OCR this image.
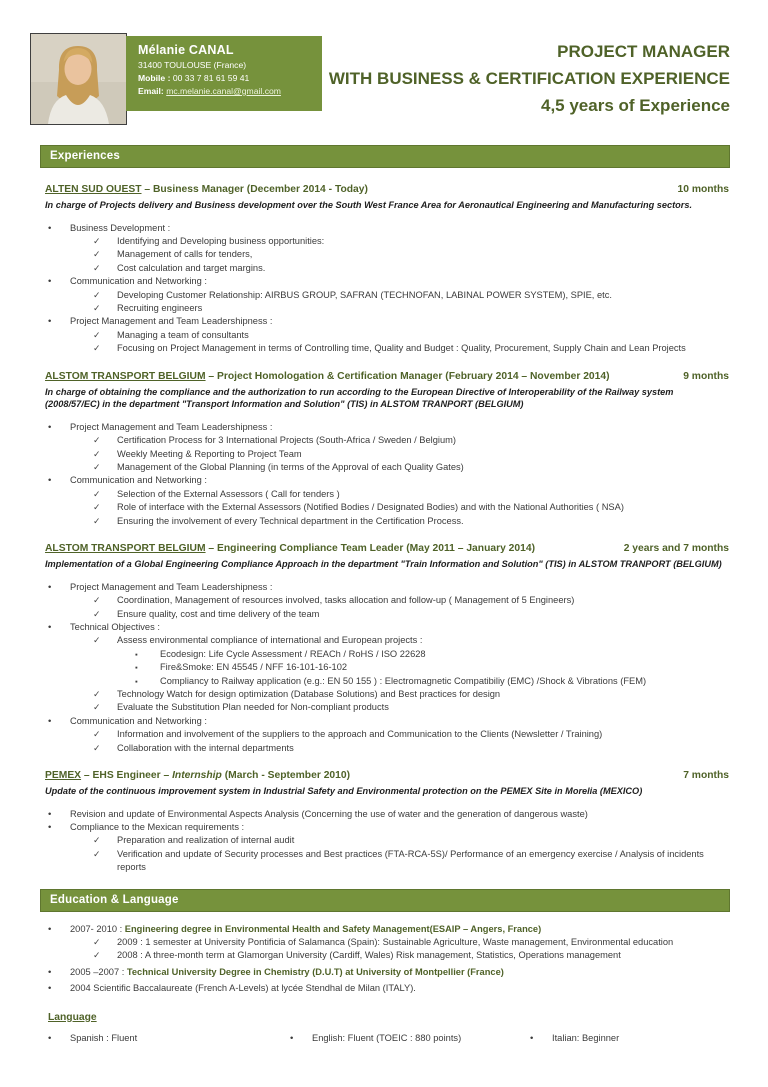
Mélanie CANAL
31400 TOULOUSE (France)
Mobile : 00 33 7 81 61 59 41
Email: mc.melanie.canal@gmail.com
PROJECT MANAGER
WITH BUSINESS & CERTIFICATION EXPERIENCE
4,5 years of Experience
Experiences
ALTEN SUD OUEST – Business Manager (December 2014 - Today)	10 months
In charge of Projects delivery and Business development over the South West France Area for Aeronautical Engineering and Manufacturing sectors.
•	Business Development :
✓	Identifying and Developing business opportunities:
✓	Management of calls for tenders,
✓	Cost calculation and target margins.
•	Communication and Networking :
✓	Developing Customer Relationship: AIRBUS GROUP, SAFRAN (TECHNOFAN, LABINAL POWER SYSTEM), SPIE, etc.
✓	Recruiting engineers
•	Project Management and Team Leadershipness :
✓	Managing a team of consultants
✓	Focusing on Project Management in terms of Controlling time, Quality and Budget : Quality, Procurement, Supply Chain and Lean Projects
ALSTOM TRANSPORT BELGIUM – Project Homologation & Certification Manager (February 2014 – November 2014)	9 months
In charge of obtaining the compliance and the authorization to run according to the European Directive of Interoperability of the Railway system (2008/57/EC) in the department "Transport Information and Solution" (TIS) in ALSTOM TRANPORT (BELGIUM)
•	Project Management and Team Leadershipness :
✓	Certification Process for 3 International Projects (South-Africa / Sweden / Belgium)
✓	Weekly Meeting & Reporting to Project Team
✓	Management of the Global Planning (in terms of the Approval of each Quality Gates)
•	Communication and Networking :
✓	Selection of the External Assessors ( Call for tenders )
✓	Role of interface with the External Assessors (Notified Bodies / Designated Bodies) and with the National Authorities ( NSA)
✓	Ensuring the involvement of every Technical department in the Certification Process.
ALSTOM TRANSPORT BELGIUM – Engineering Compliance Team Leader (May 2011 – January 2014)	2 years and 7 months
Implementation of a Global Engineering Compliance Approach in the department "Train Information and Solution" (TIS) in ALSTOM TRANPORT (BELGIUM)
•	Project Management and Team Leadershipness :
✓	Coordination, Management of resources involved, tasks allocation and follow-up ( Management of 5 Engineers)
✓	Ensure quality, cost and time delivery of the team
•	Technical Objectives :
✓	Assess environmental compliance of international and European projects :
▪	Ecodesign: Life Cycle Assessment / REACh / RoHS / ISO 22628
▪	Fire&Smoke: EN 45545 / NFF 16-101-16-102
▪	Compliancy to Railway application (e.g.: EN 50 155 ) : Electromagnetic Compatibiliy (EMC) /Shock & Vibrations (FEM)
✓	Technology Watch for design optimization (Database Solutions) and Best practices for design
✓	Evaluate the Substitution Plan needed for Non-compliant products
•	Communication and Networking :
✓	Information and involvement of the suppliers to the approach and Communication to the Clients (Newsletter / Training)
✓	Collaboration with the internal departments
PEMEX – EHS Engineer – Internship (March - September 2010)	7 months
Update of the continuous improvement system in Industrial Safety and Environmental protection on the PEMEX Site in Morelia (MEXICO)
•	Revision and update of Environmental Aspects Analysis (Concerning the use of water and the generation of dangerous waste)
•	Compliance to the Mexican requirements :
✓	Preparation and realization of internal audit
✓	Verification and update of Security processes and Best practices (FTA-RCA-5S)/ Performance of an emergency exercise / Analysis of incidents reports
Education & Language
•	2007- 2010 : Engineering degree in Environmental Health and Safety Management(ESAIP – Angers, France)
✓	2009 : 1 semester at University Pontificia of Salamanca (Spain): Sustainable Agriculture, Waste management, Environmental education
✓	2008 : A three-month term at Glamorgan University (Cardiff, Wales) Risk management, Statistics, Operations management
•	2005 –2007 : Technical University Degree in Chemistry (D.U.T) at University of Montpellier (France)
•	2004 Scientific Baccalaureate (French A-Levels) at lycée Stendhal de Milan (ITALY).
Language
•	Spanish : Fluent	•	English: Fluent (TOEIC : 880 points)	•	Italian: Beginner
